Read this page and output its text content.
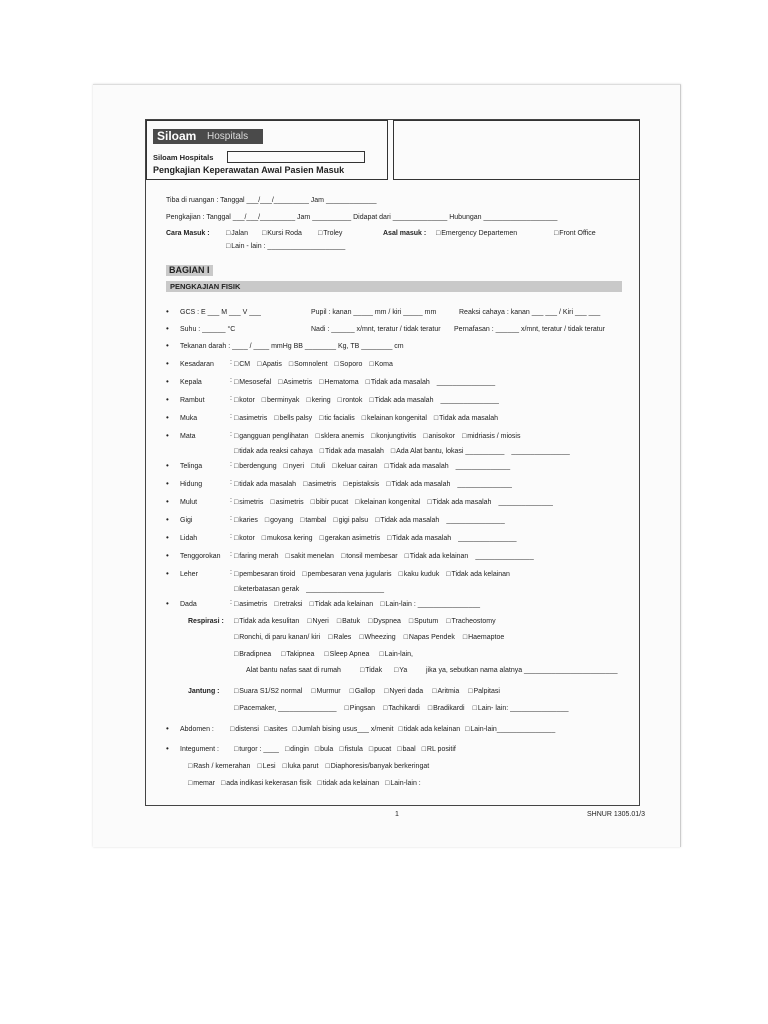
Siloam Hospitals
Siloam Hospitals
Pengkajian Keperawatan Awal Pasien Masuk
Tiba di ruangan : Tanggal ___/___/_________ Jam _____________
Pengkajian : Tanggal ___/___/_________ Jam __________ Didapat dari ______________ Hubungan ___________________
Cara Masuk :	□ Jalan	□ Kursi Roda	□ Troley
□ Lain - lain : ____________________
Asal masuk :	□ Emergency Departemen	□ Front Office
BAGIAN I
PENGKAJIAN FISIK
• GCS : E ___ M ___ V ___	Pupil : kanan _____ mm / kiri _____ mm	Reaksi cahaya : kanan ___ ___ / Kiri ___ ___
• Suhu : ______ °C	Nadi : ______ x/mnt, teratur / tidak teratur Pernafasan : ______ x/mnt, teratur / tidak teratur
• Tekanan darah : ____ / ____ mmHg BB ________ Kg, TB ________ cm
• Kesadaran :	□ CM	□ Apatis	□ Somnolent	□ Soporo	□ Koma
• Kepala	:	□ Mesosefal	□ Asimetris	□ Hematoma	□ Tidak ada masalah _______________
• Rambut	:	□ kotor	□ berminyak	□ kering	□ rontok	□ Tidak ada masalah _______________
• Muka	:	□ asimetris	□ bells palsy	□ tic facialis	□ kelainan kongenital	□ Tidak ada masalah
• Mata	:	□ gangguan penglihatan	□ sklera anemis	□ konjungtivitis	□ anisokor	□ midriasis / miosis
□ tidak ada reaksi cahaya	□ Tidak ada masalah	□ Ada Alat bantu, lokasi __________ _______________
• Telinga	:	□ berdengung	□ nyeri	□ tuli	□ keluar cairan	□ Tidak ada masalah ______________
• Hidung	:	□ tidak ada masalah	□ asimetris	□ epistaksis	□ Tidak ada masalah ______________
• Mulut	:	□ simetris	□ asimetris	□ bibir pucat	□ kelainan kongenital	□ Tidak ada masalah ______________
• Gigi	:	□ karies	□ goyang	□ tambal	□ gigi palsu	□ Tidak ada masalah _______________
• Lidah	:	□ kotor	□ mukosa kering	□ gerakan asimetris	□ Tidak ada masalah _______________
• Tenggorokan :	□ faring merah	□ sakit menelan	□ tonsil membesar	□ Tidak ada kelainan _______________
• Leher	:	□ pembesaran tiroid	□ pembesaran vena jugularis	□ kaku kuduk	□ Tidak ada kelainan
□ keterbatasan gerak ____________________
• Dada	:	□ asimetris	□ retraksi	□ Tidak ada kelainan	□ Lain-lain : ________________
Respirasi :	□ Tidak ada kesulitan	□ Nyeri	□ Batuk	□ Dyspnea	□ Sputum	□ Tracheostomy
□ Ronchi, di paru kanan/ kiri	□ Rales	□ Wheezing	□ Napas Pendek	□ Haemaptoe
□ Bradipnea	□ Takipnea	□ Sleep Apnea	□ Lain-lain,
Alat bantu nafas saat di rumah	□ Tidak	□ Ya	jika ya, sebutkan nama alatnya ________________________
Jantung :	□ Suara S1/S2 normal	□ Murmur	□ Gallop	□ Nyeri dada	□ Aritmia	□ Palpitasi
□ Pacemaker, _______________	□ Pingsan	□ Tachikardi	□ Bradikardi	□ Lain- lain: _______________
• Abdomen :	□ distensi	□ asites	□ Jumlah bising usus___ x/menit	□ tidak ada kelainan	□ Lain-lain_______________
• Integument :	□ turgor : ____	□ dingin	□ bula	□ fistula	□ pucat	□ baal	□ RL positif
□ Rash / kemerahan	□ Lesi	□ luka parut	□ Diaphoresis/banyak berkeringat
□ memar	□ ada indikasi kekerasan fisik	□ tidak ada kelainan	□ Lain-lain :
1	SHNUR 1305.01/3
